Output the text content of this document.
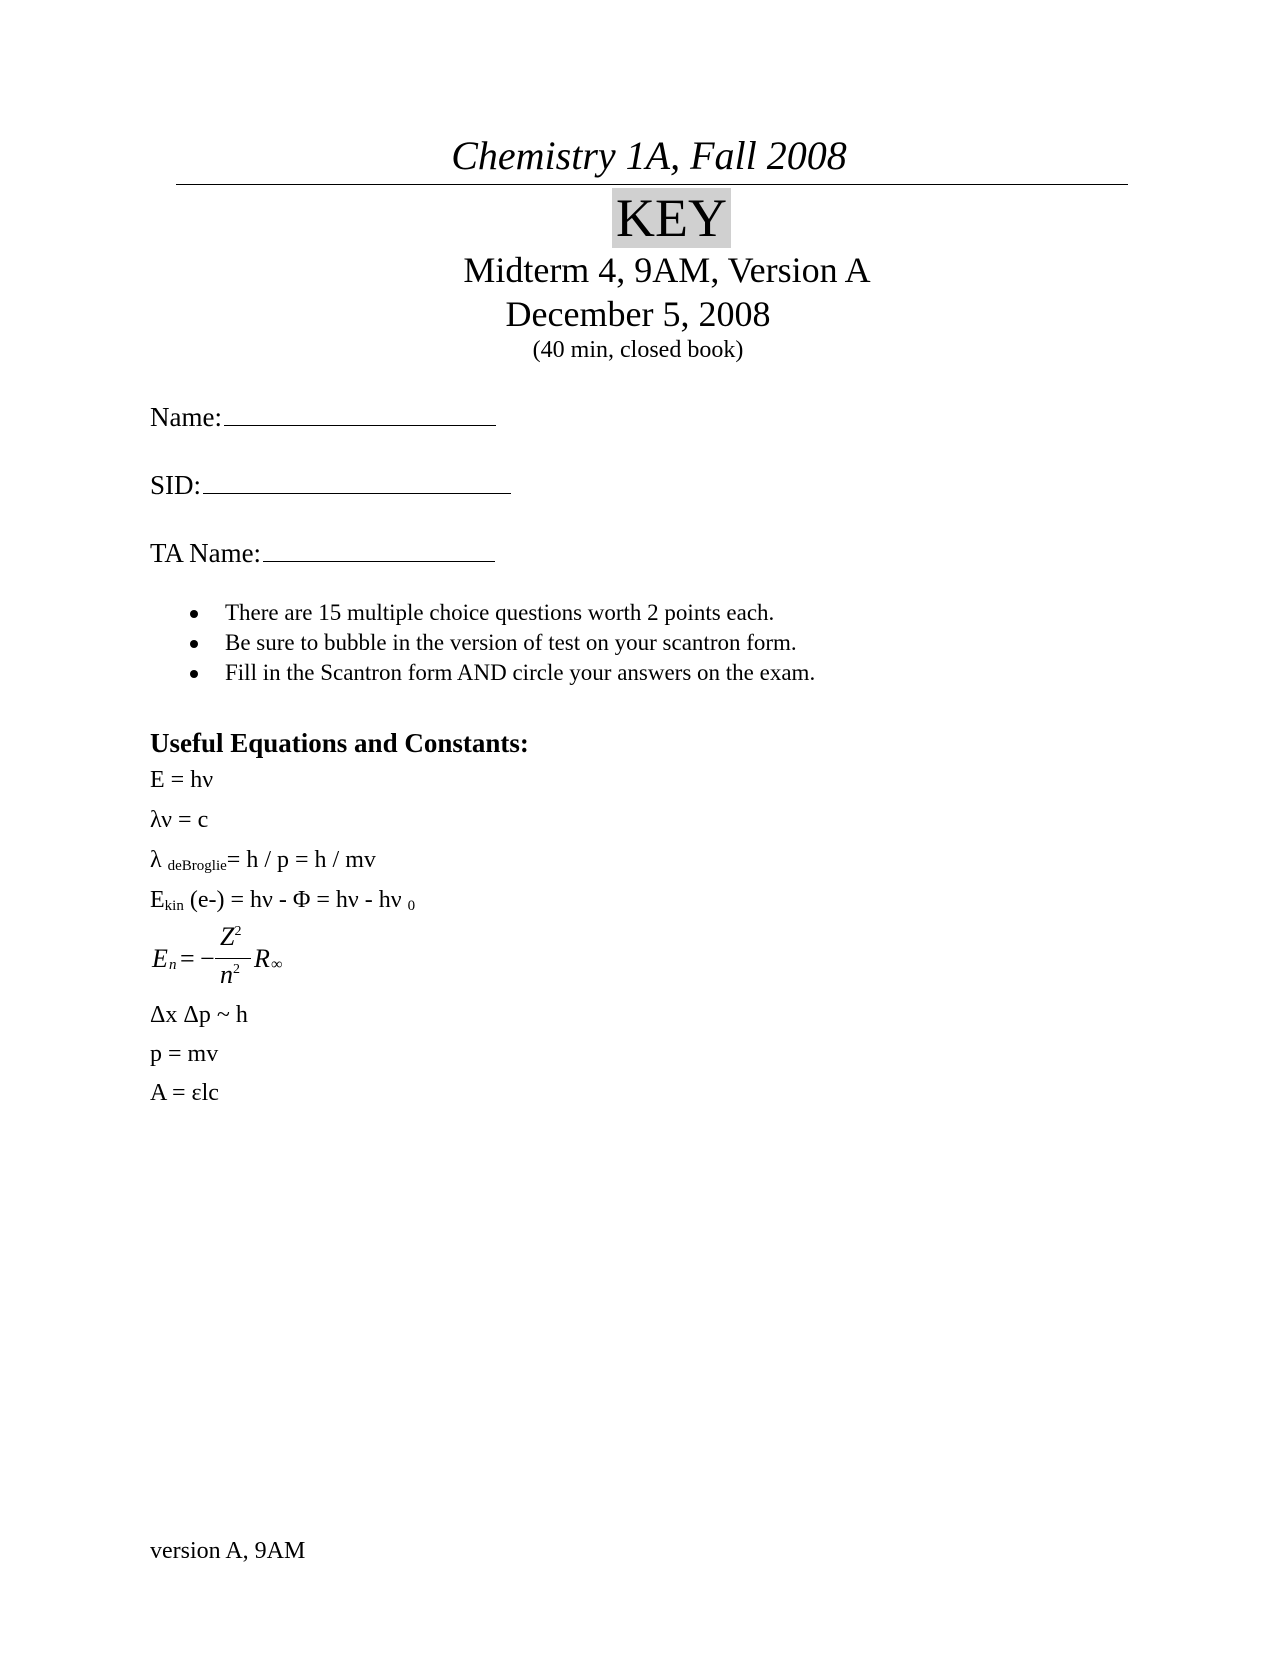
Chemistry 1A, Fall 2008
KEY
Midterm 4, 9AM, Version A
December 5, 2008
(40 min, closed book)
Name:
SID:
TA Name:
There are 15 multiple choice questions worth 2 points each.
Be sure to bubble in the version of test on your scantron form.
Fill in the Scantron form AND circle your answers on the exam.
Useful Equations and Constants:
E = hν
λν = c
λ $_{deBroglie}$= h / p = h / mv
$E_{kin}$ (e-) = hν - Φ = hν - hν $_0$
E n = −
$Z^2$
$n^2$ R ∞
Δx Δp ~ h
p = mv
A = εlc
version A, 9AM
